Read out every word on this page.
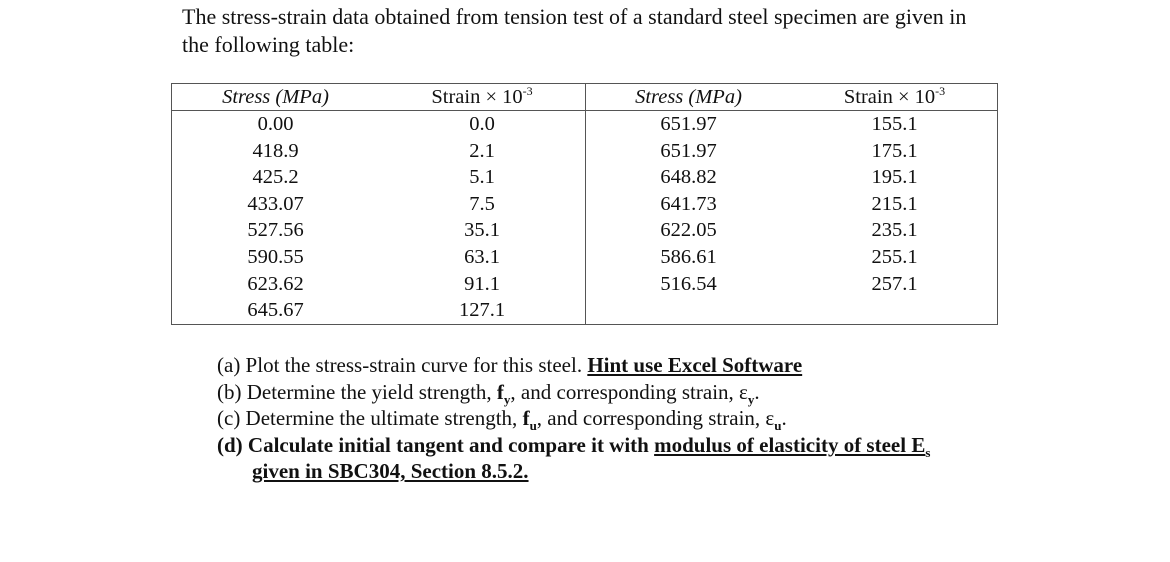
The stress-strain data obtained from tension test of a standard steel specimen are given in the following table:

Stress (MPa)
0.00
418.9
425.2
433.07
527.56
590.55
623.62
645.67
Strain × $10^{-3}$
0.0
2.1
5.1
7.5
35.1
63.1
91.1
127.1
Stress (MPa)
651.97
651.97
648.82
641.73
622.05
586.61
516.54
Strain × $10^{-3}$
155.1
175.1
195.1
215.1
235.1
255.1
257.1
(a) Plot the stress-strain curve for this steel. Hint use Excel Software
(b) Determine the yield strength, $f_y$, and corresponding strain, $\varepsilon_y$.
(c) Determine the ultimate strength, $f_u$, and corresponding strain, $\varepsilon_u$.
(d) Calculate initial tangent and compare it with modulus of elasticity of steel $E_s$
given in SBC304, Section 8.5.2.
